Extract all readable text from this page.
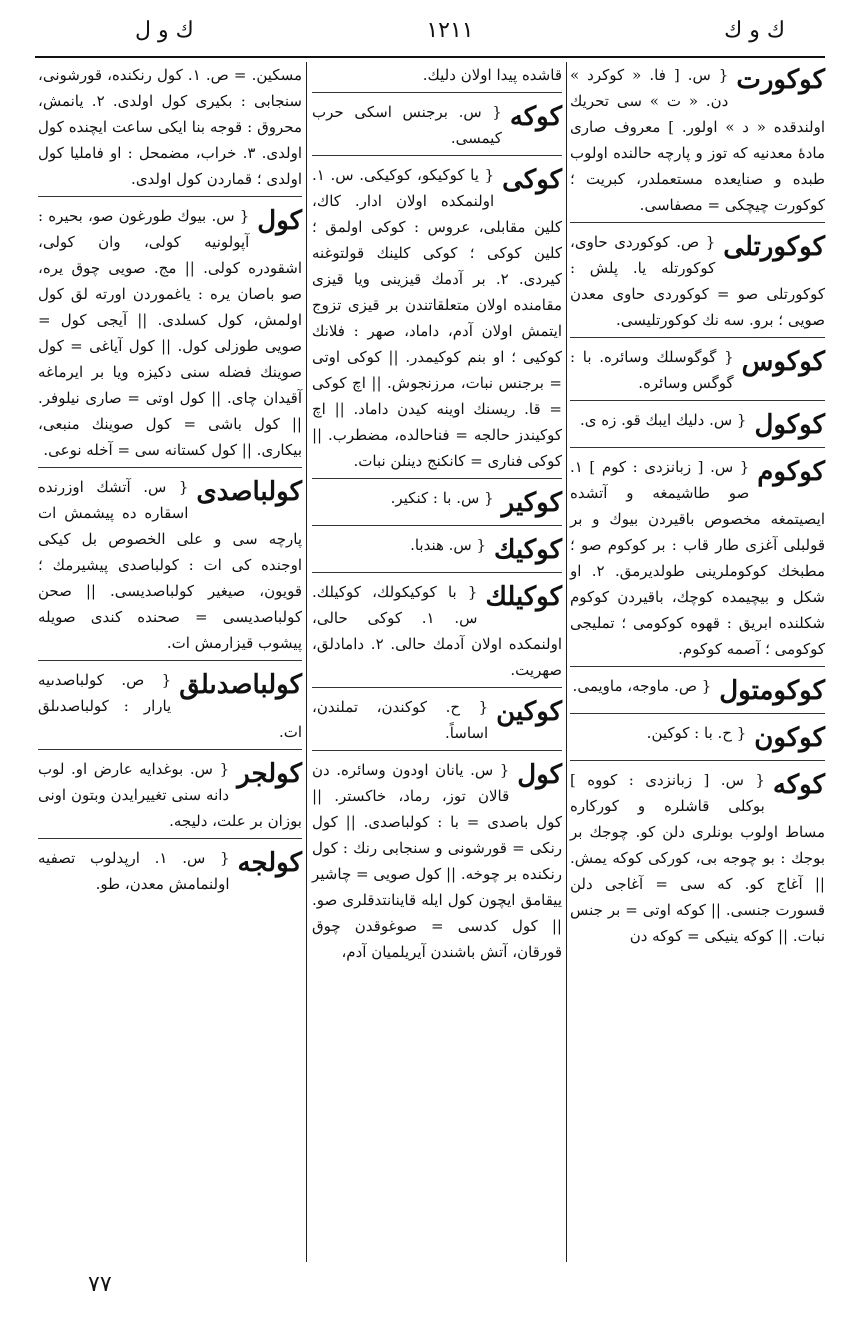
ك و ل	١٢١١	ك و ك
كوكورت
{ س. [ فا. « كوكرد » دن. « ت » سى تحريك اولندقده « د » اولور. ] معروف صارى مادهٔ معدنيه كه توز و پارچه حالنده اولوب طبده و صنايعده مستعملدر، كبريت ؛ كوكورت چيچكى = مصفاسى.
كوكورتلى
{ ص. كوكوردى حاوى، كوكورتله يا. پلش : كوكورتلى صو = كوكوردى حاوى معدن صويى ؛ برو. سه نك كوكورتليسى.
كوكوس
{ گوگوسلك وسائره. با : گوگس وسائره.
كوكول
{ س. دليك ايبك قو. زه ى.
كوكوم
{ س. [ زبانزدى : كوم ] ١. صو طاشيمغه و آتشده ايصيتمغه مخصوص باقيردن بيوك و بر قولبلى آغزى طار قاب : بر كوكوم صو ؛ مطبخك كوكوملرينى طولديرمق. ٢. او شكل و بيچيمده كوچك، باقيردن كوكوم شكلنده ابريق : قهوه كوكومى ؛ تمليجى كوكومى ؛ آصمه كوكوم.
كوكومتول
{ ص. ماوجه، ماويمى.
كوكون
{ ح. با : كوكين.
كوكه
{ س. [ زبانزدى : كووه ] بوكلى قاشلره و كوركاره مساط اولوب بونلرى دلن كو. چوجك بر بوجك : بو چوجه بى، كوركى كوكه يمش. || آغاج كو. كه سى = آغاجى دلن قسورت جنسى. || كوكه اوتى = بر جنس نبات. || كوكه ينيكى = كوكه دن
قاشده پيدا اولان دليك.
كوكه
{ س. برجنس اسكى حرب كيمسى.
كوكى
{ يا كوكيكو، كوكيكى. س. ١. اولنمكده اولان ادار. كاك، كلين مقابلى، عروس : كوكى اولمق ؛ كلين كوكى ؛ كوكى كلينك قولتوغنه كيردى. ٢. بر آدمك قيزينى ويا قيزى مقامنده اولان متعلقاتندن بر قيزى تزوج ايتمش اولان آدم، داماد، صهر : فلانك كوكيى ؛ او بنم كوكيمدر. || كوكى اوتى = برجنس نبات، مرزنجوش. || اچ كوكى = قا. ريسنك اوينه كيدن داماد. || اچ كوكيندز حالجه = فناحالده، مضطرب. || كوكى فنارى = كانكنج دينلن نبات.
كوكير
{ س. با : كنكير.
كوكيك
{ س. هندبا.
كوكيلك
{ با كوكيكولك، كوكيلك. س. ١. كوكى حالى، اولنمكده اولان آدمك حالى. ٢. دامادلق، صهريت.
كوكين
{ ح. كوكندن، تملندن، اساساً.
كول
{ س. يانان اودون وسائره. دن قالان توز، رماد، خاكستر. || كول باصدى = با : كولباصدى. || كول رنكى = قورشونى و سنجابى رنك : كول رنكنده بر چوخه. || كول صويى = چاشير ييقامق ايچون كول ايله قاينانتدقلرى صو. || كول كدسى = صوغوقدن چوق قورقان، آتش باشندن آيريلميان آدم،
مسكين. = ص. ١. كول رنكنده، قورشونى، سنجابى : بكيرى كول اولدى. ٢. يانمش، محروق : قوجه بنا ايكى ساعت ايچنده كول اولدى. ٣. خراب، مضمحل : او فامليا كول اولدى ؛ قماردن كول اولدى.
كول
{ س. بيوك طورغون صو، بحيره : آپولونيه كولى، وان كولى، اشقودره كولى. || مج. صويى چوق يره، صو باصان يره : ياغموردن اورته لق كول اولمش، كول كسلدى. || آيجى كول = صويى طوزلى كول. || كول آياغى = كول صوينك فضله سنى دكيزه ويا بر ايرماغه آقيدان چاى. || كول اوتى = صارى نيلوفر. || كول باشى = كول صوينك منبعى، بيكارى. || كول كستانه سى = آخله نوعى.
كولباصدى
{ س. آتشك اوزرنده اسقاره ده پيشمش ات پارچه سى و على الخصوص بل كيكى اوجنده كى ات : كولباصدى پيشيرمك ؛ قويون، صيغير كولباصديسى. || صحن كولباصديسى = صحنده كندى صويله پيشوب قيزارمش ات.
كولباصدىلق
{ ص. كولباصدىيه يارار : كولباصدىلق ات.
كولجر
{ س. بوغدايه عارض او. لوب دانه سنى تغييرايدن وبتون اونى بوزان بر علت، دليجه.
كولجه
{ س. ١. ارپدلوب تصفيه اولنمامش معدن، طو.
٧٧
